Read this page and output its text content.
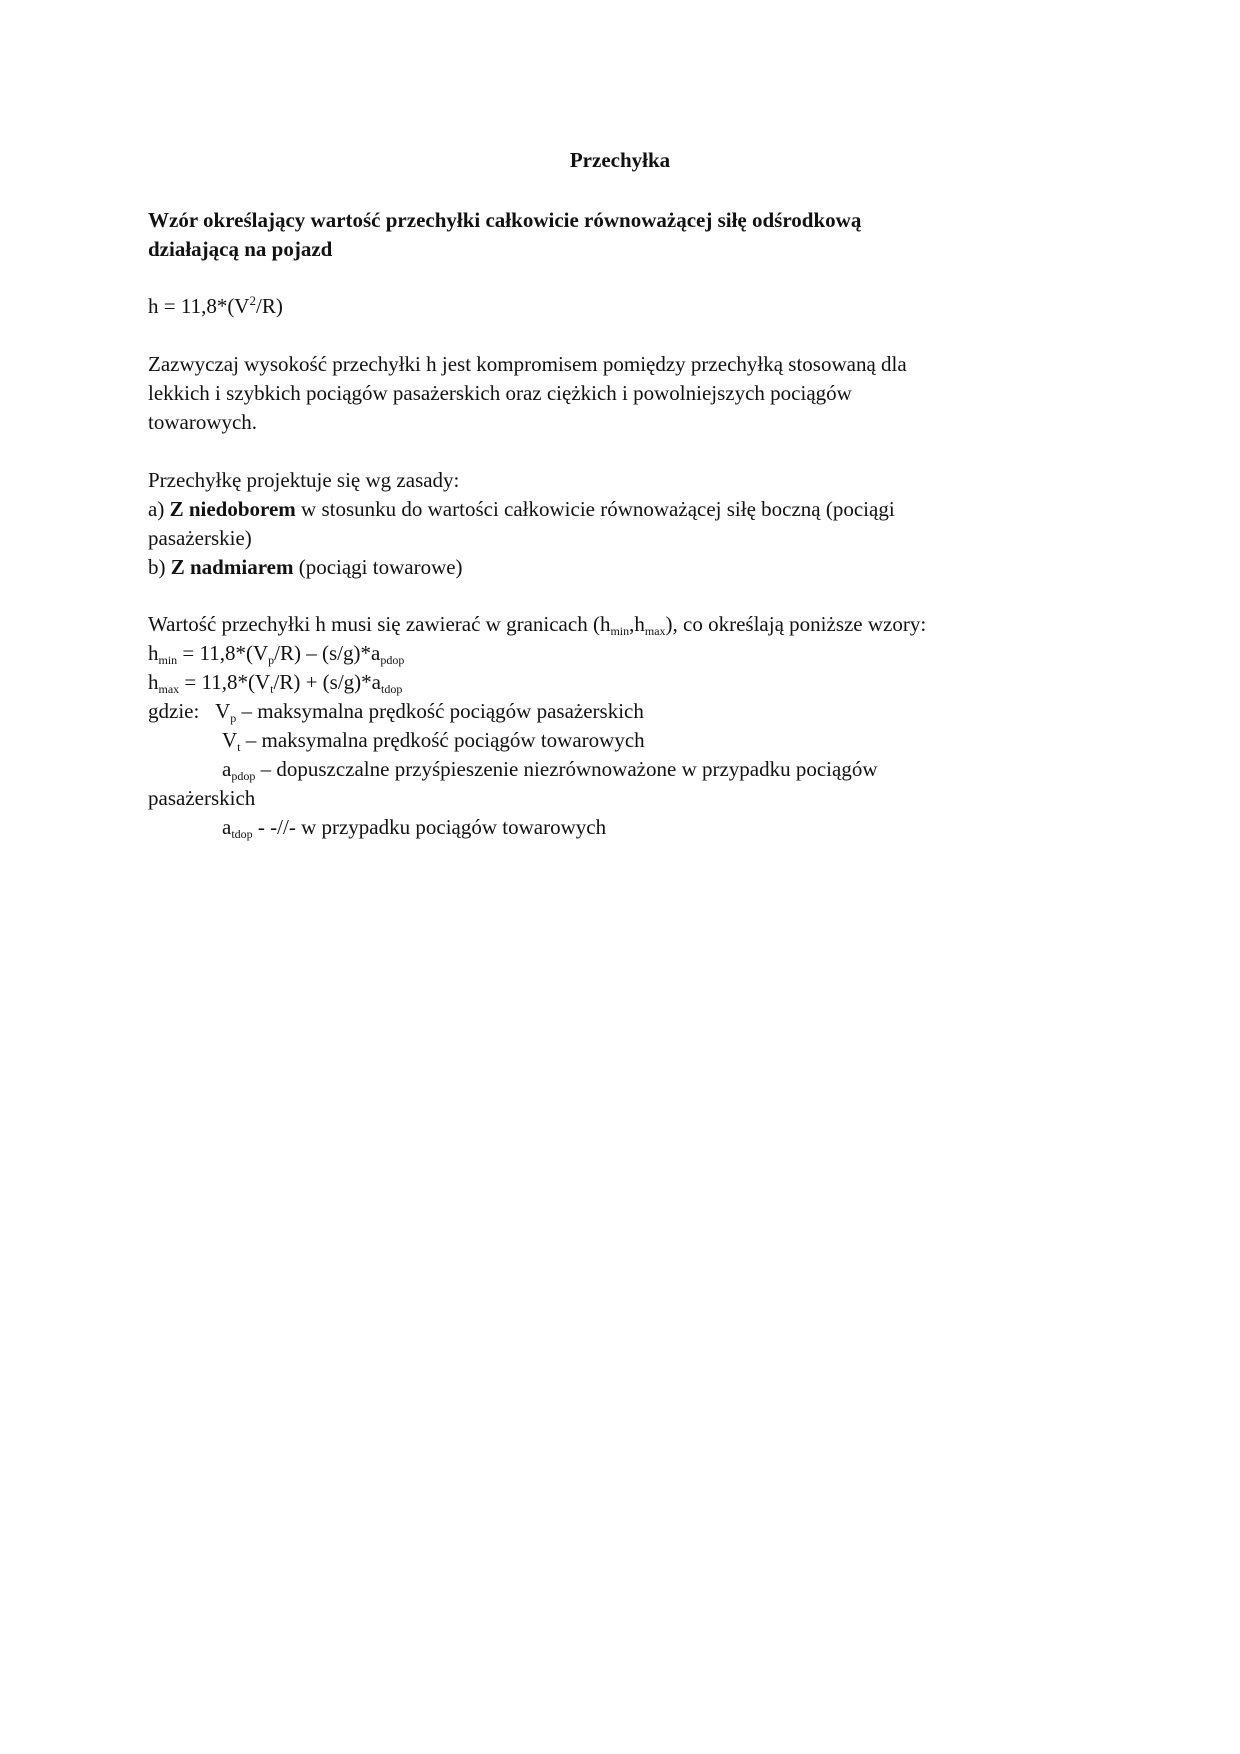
Przechyłka
Wzór określający wartość przechyłki całkowicie równoważącej siłę odśrodkową
działającą na pojazd
$h = 11,8*(V^2/R)$
Zazwyczaj wysokość przechyłki h jest kompromisem pomiędzy przechyłką stosowaną dla
lekkich i szybkich pociągów pasażerskich oraz ciężkich i powolniejszych pociągów
towarowych.
Przechyłkę projektuje się wg zasady:
a) Z niedoborem w stosunku do wartości całkowicie równoważącej siłę boczną (pociągi
pasażerskie)
b) Z nadmiarem (pociągi towarowe)
Wartość przechyłki h musi się zawierać w granicach $(h_{min},h_{max})$, co określają poniższe wzory:
$h_{min} = 11,8*(V_p/R) - (s/g)*a_{pdop}$
$h_{max} = 11,8*(V_t/R) + (s/g)*a_{tdop}$
gdzie: $V_p$ – maksymalna prędkość pociągów pasażerskich
$V_t$ – maksymalna prędkość pociągów towarowych
$a_{pdop}$ – dopuszczalne przyśpieszenie niezrównoważone w przypadku pociągów
pasażerskich
$a_{tdop}$ - -//- w przypadku pociągów towarowych
